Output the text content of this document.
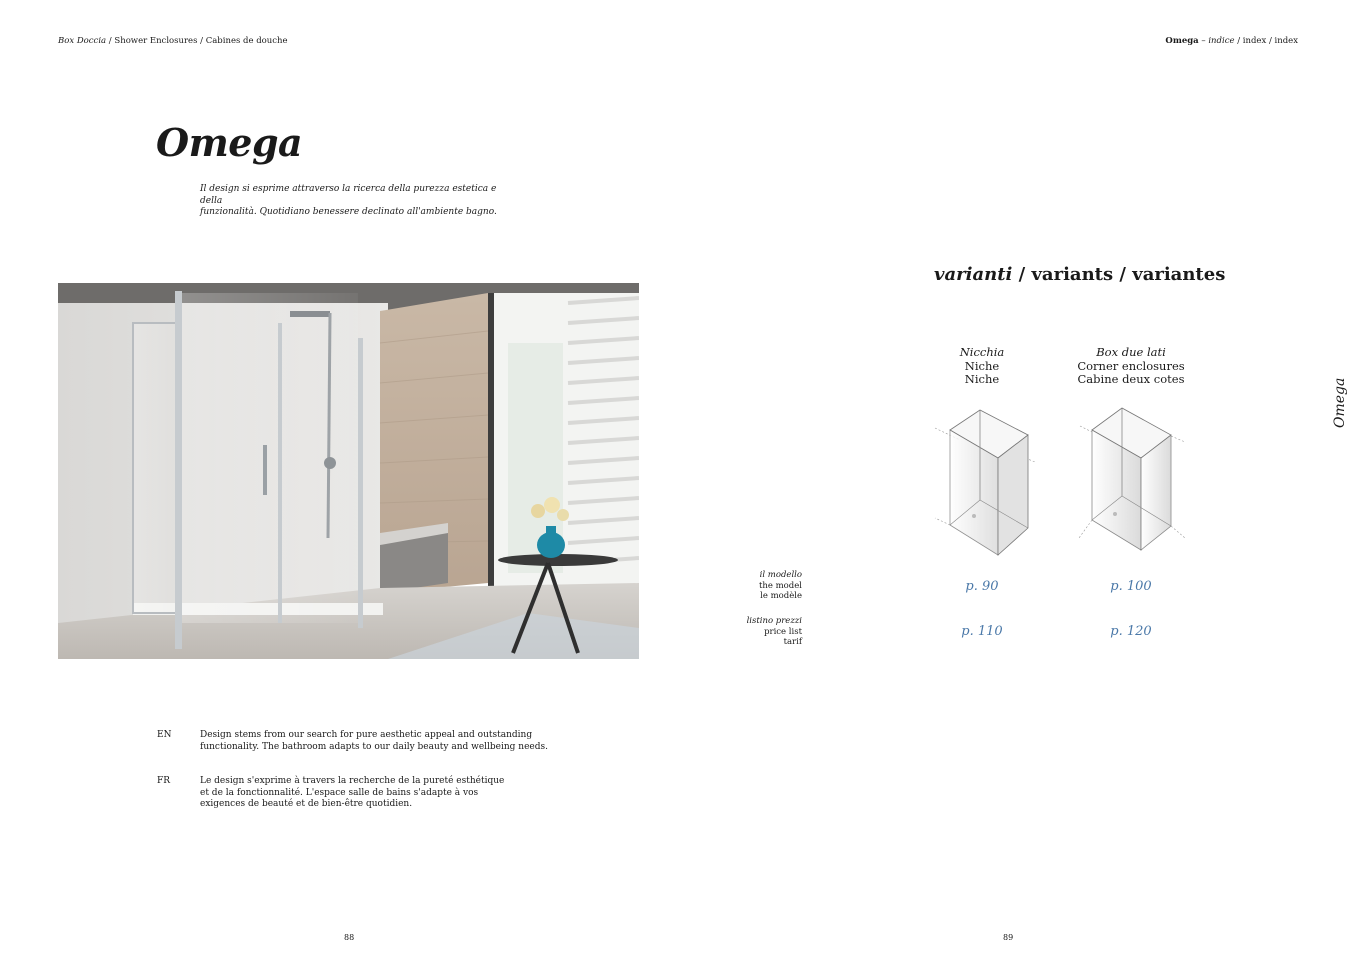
Box Doccia / Shower Enclosures / Cabines de douche	Omega – indice / index / index
Omega
Il design si esprime attraverso la ricerca della purezza estetica e della
funzionalità. Quotidiano benessere declinato all'ambiente bagno.
EN	Design stems from our search for pure aesthetic appeal and outstanding
functionality. The bathroom adapts to our daily beauty and wellbeing needs.
FR	Le design s'exprime à travers la recherche de la pureté esthétique
et de la fonctionnalité. L'espace salle de bains s'adapte à vos
exigences de beauté et de bien-être quotidien.
88
varianti / variants / variantes
Nicchia
Niche
Niche
Box due lati
Corner enclosures
Cabine deux cotes
il modello
the model
le modèle
listino prezzi
price list
tarif
p. 90	p. 100
p. 110	p. 120
Omega
89
